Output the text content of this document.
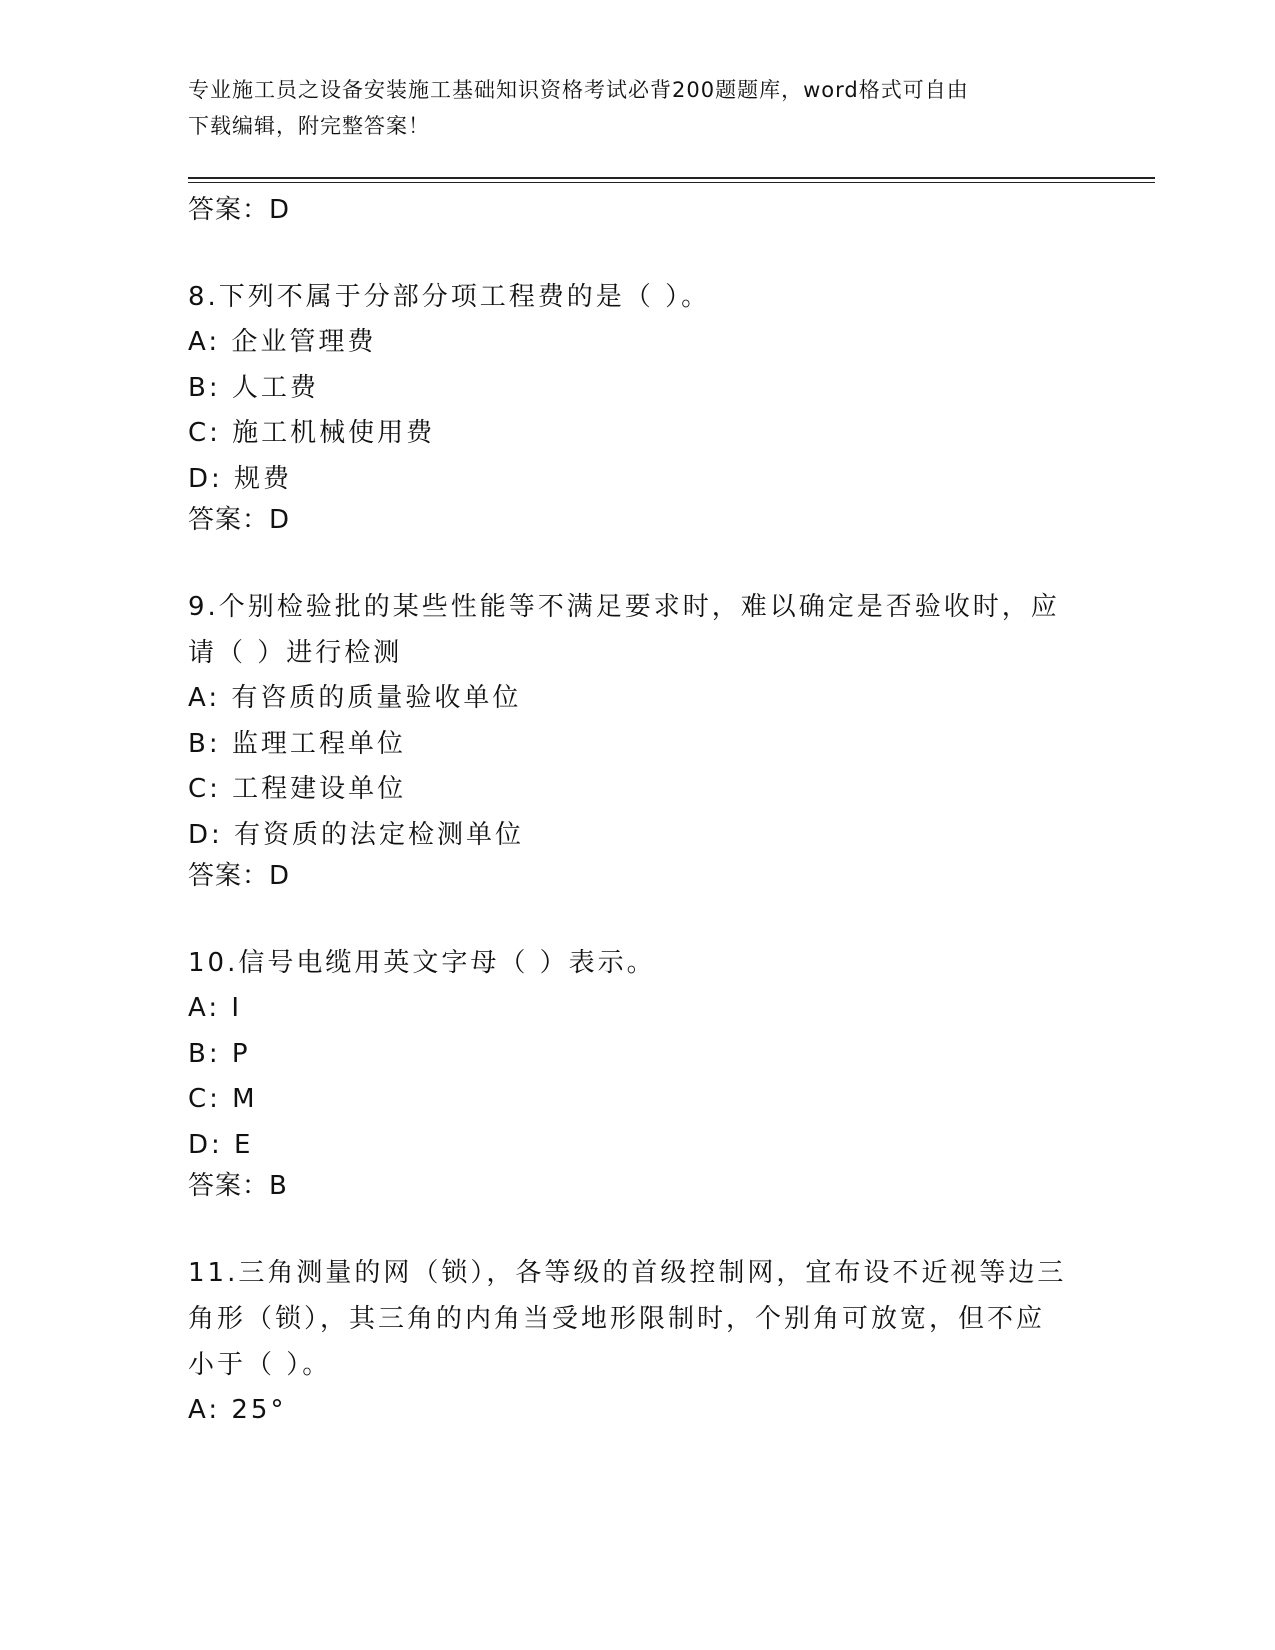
专业施工员之设备安装施工基础知识资格考试必背200题题库，word格式可自由
下载编辑，附完整答案！

答案：D

8.下列不属于分部分项工程费的是（ ）。

A: 企业管理费

B: 人工费

C: 施工机械使用费

D: 规费

答案：D

9.个别检验批的某些性能等不满足要求时，难以确定是否验收时，应

请（ ）进行检测

A: 有咨质的质量验收单位

B: 监理工程单位

C: 工程建设单位

D: 有资质的法定检测单位

答案：D

10.信号电缆用英文字母（ ）表示。

A: I

B: P

C: M

D: E

答案：B

11.三角测量的网（锁），各等级的首级控制网，宜布设不近视等边三

角形（锁），其三角的内角当受地形限制时，个别角可放宽，但不应

小于（ ）。

A: 25°
